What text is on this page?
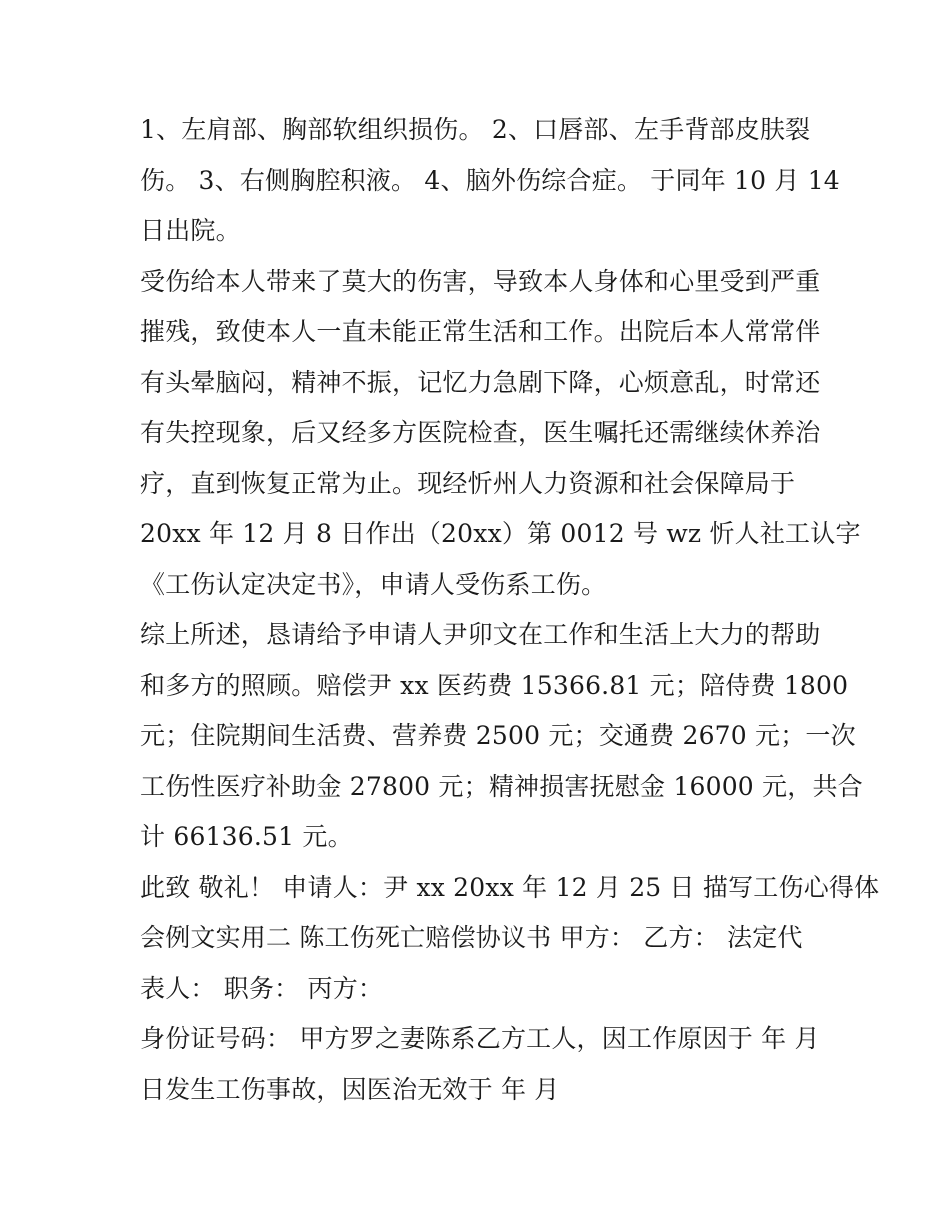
1、左肩部、胸部软组织损伤。 2、口唇部、左手背部皮肤裂
伤。 3、右侧胸腔积液。 4、脑外伤综合症。 于同年 10 月 14
日出院。
受伤给本人带来了莫大的伤害，导致本人身体和心里受到严重
摧残，致使本人一直未能正常生活和工作。出院后本人常常伴
有头晕脑闷，精神不振，记忆力急剧下降，心烦意乱，时常还
有失控现象，后又经多方医院检查，医生嘱托还需继续休养治
疗，直到恢复正常为止。现经忻州人力资源和社会保障局于
20xx 年 12 月 8 日作出（20xx）第 0012 号 wz 忻人社工认字
《工伤认定决定书》，申请人受伤系工伤。
综上所述，恳请给予申请人尹卯文在工作和生活上大力的帮助
和多方的照顾。赔偿尹 xx 医药费 15366.81 元；陪侍费 1800
元；住院期间生活费、营养费 2500 元；交通费 2670 元；一次
工伤性医疗补助金 27800 元；精神损害抚慰金 16000 元，共合
计 66136.51 元。
此致 敬礼！ 申请人：尹 xx 20xx 年 12 月 25 日 描写工伤心得体
会例文实用二 陈工伤死亡赔偿协议书 甲方： 乙方： 法定代
表人： 职务： 丙方：
身份证号码： 甲方罗之妻陈系乙方工人，因工作原因于 年 月
日发生工伤事故，因医治无效于 年 月
